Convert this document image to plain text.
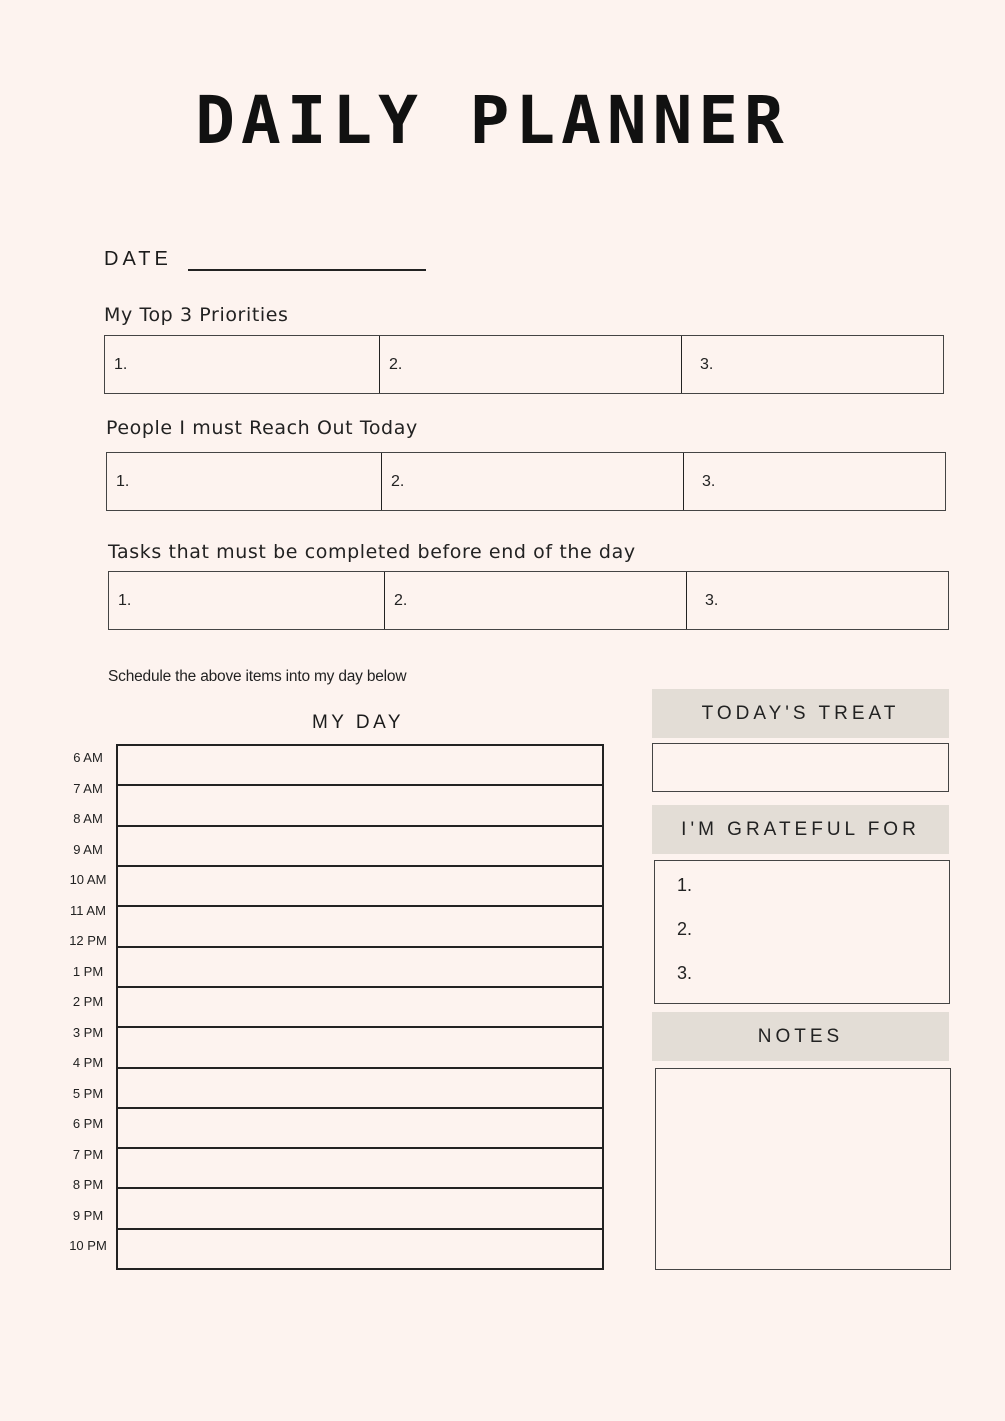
DAILY PLANNER
DATE
My Top 3 Priorities
1.	2.	3.
People I must Reach Out Today
1.	2.	3.
Tasks that must be completed before end of the day
1.	2.	3.
Schedule the above items into my day below
MY DAY
6 AM
7 AM
8 AM
9 AM
10 AM
11 AM
12 PM
1 PM
2 PM
3 PM
4 PM
5 PM
6 PM
7 PM
8 PM
9 PM
10 PM
TODAY'S TREAT
I'M GRATEFUL FOR
1.
2.
3.
NOTES
